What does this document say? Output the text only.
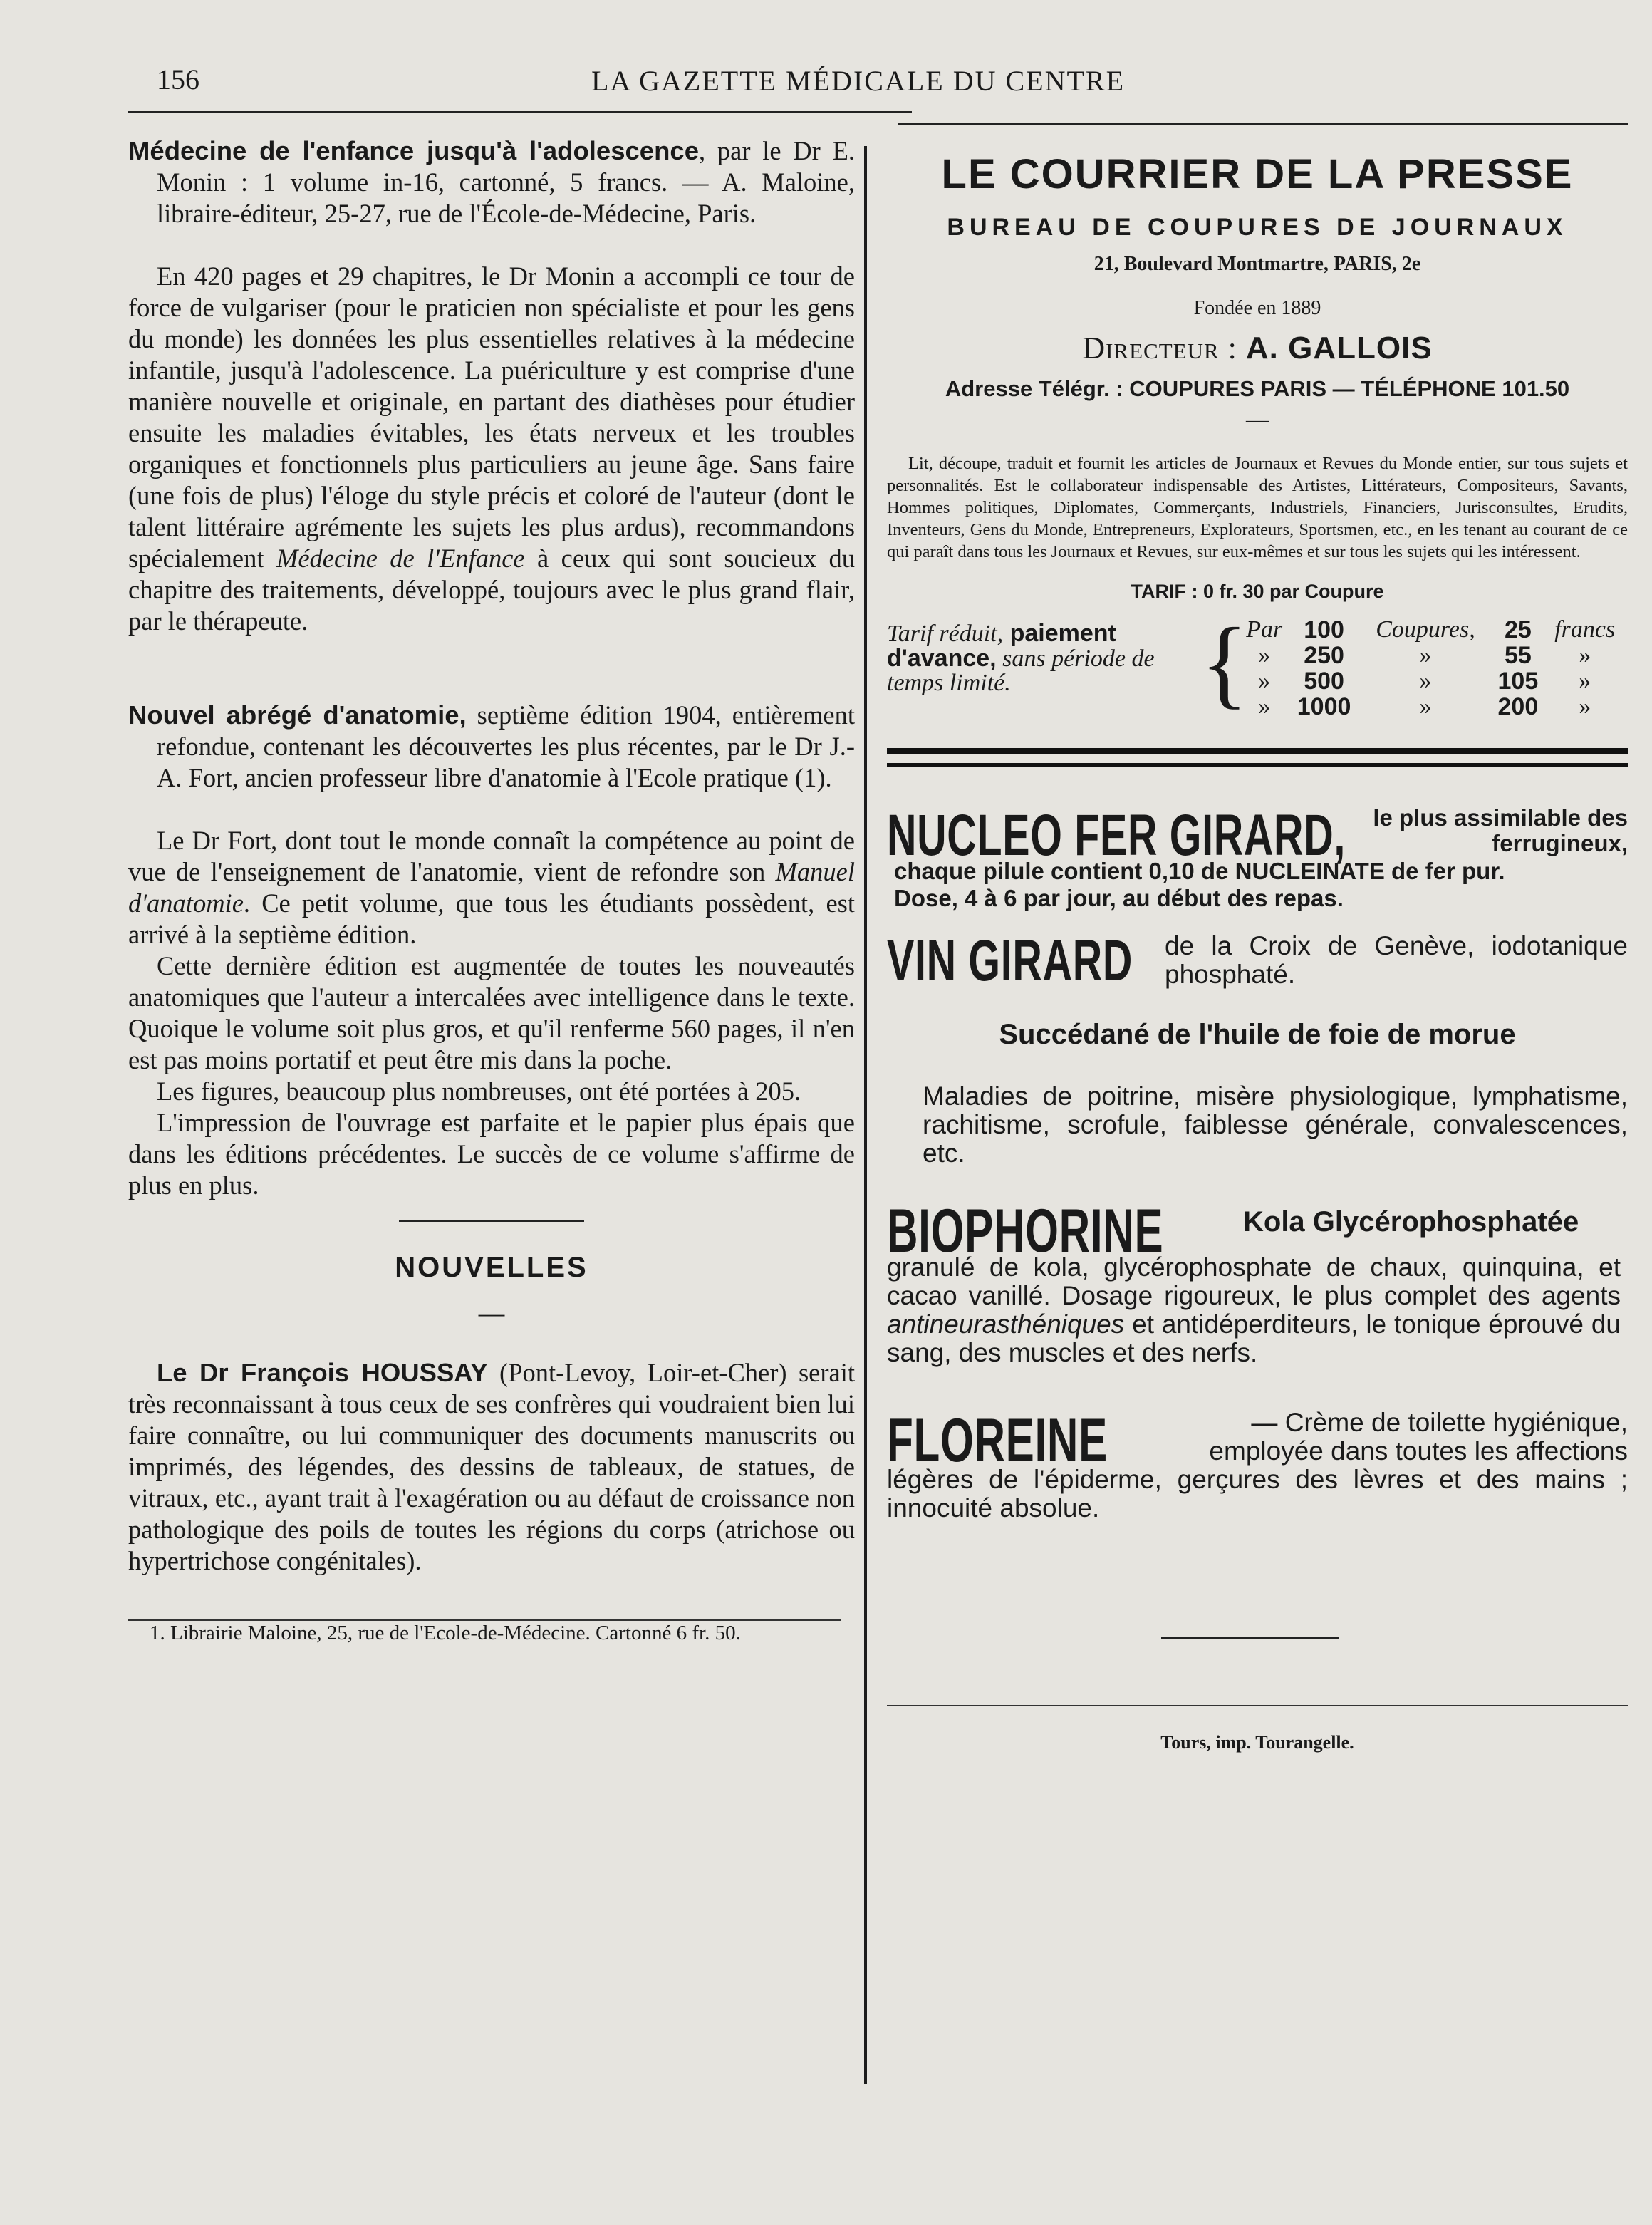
156	LA GAZETTE MÉDICALE DU CENTRE

Médecine de l'enfance jusqu'à l'adolescence, par le Dr E. Monin : 1 volume in-16, cartonné, 5 francs. — A. Maloine, libraire-éditeur, 25-27, rue de l'École-de-Médecine, Paris.

En 420 pages et 29 chapitres, le Dr Monin a accompli ce tour de force de vulgariser (pour le praticien non spécialiste et pour les gens du monde) les données les plus essentielles relatives à la médecine infantile, jusqu'à l'adolescence. La puériculture y est comprise d'une manière nouvelle et originale, en partant des diathèses pour étudier ensuite les maladies évitables, les états nerveux et les troubles organiques et fonctionnels plus particuliers au jeune âge. Sans faire (une fois de plus) l'éloge du style précis et coloré de l'auteur (dont le talent littéraire agrémente les sujets les plus ardus), recommandons spécialement Médecine de l'Enfance à ceux qui sont soucieux du chapitre des traitements, développé, toujours avec le plus grand flair, par le thérapeute.

Nouvel abrégé d'anatomie, septième édition 1904, entièrement refondue, contenant les découvertes les plus récentes, par le Dr J.-A. Fort, ancien professeur libre d'anatomie à l'Ecole pratique (1).

Le Dr Fort, dont tout le monde connaît la compétence au point de vue de l'enseignement de l'anatomie, vient de refondre son Manuel d'anatomie. Ce petit volume, que tous les étudiants possèdent, est arrivé à la septième édition.

Cette dernière édition est augmentée de toutes les nouveautés anatomiques que l'auteur a intercalées avec intelligence dans le texte. Quoique le volume soit plus gros, et qu'il renferme 560 pages, il n'en est pas moins portatif et peut être mis dans la poche.

Les figures, beaucoup plus nombreuses, ont été portées à 205.

L'impression de l'ouvrage est parfaite et le papier plus épais que dans les éditions précédentes. Le succès de ce volume s'affirme de plus en plus.

NOUVELLES
—

Le Dr François HOUSSAY (Pont-Levoy, Loir-et-Cher) serait très reconnaissant à tous ceux de ses confrères qui voudraient bien lui faire connaître, ou lui communiquer des documents manuscrits ou imprimés, des légendes, des dessins de tableaux, de statues, de vitraux, etc., ayant trait à l'exagération ou au défaut de croissance non pathologique des poils de toutes les régions du corps (atrichose ou hypertrichose congénitales).

1. Librairie Maloine, 25, rue de l'Ecole-de-Médecine. Cartonné 6 fr. 50.

LE COURRIER DE LA PRESSE
BUREAU DE COUPURES DE JOURNAUX
21, Boulevard Montmartre, PARIS, 2e
Fondée en 1889
Directeur : A. GALLOIS
Adresse Télégr. : COUPURES PARIS — TÉLÉPHONE 101.50
—

Lit, découpe, traduit et fournit les articles de Journaux et Revues du Monde entier, sur tous sujets et personnalités. Est le collaborateur indispensable des Artistes, Littérateurs, Compositeurs, Savants, Hommes politiques, Diplomates, Commerçants, Industriels, Financiers, Jurisconsultes, Erudits, Inventeurs, Gens du Monde, Entrepreneurs, Explorateurs, Sportsmen, etc., en les tenant au courant de ce qui paraît dans tous les Journaux et Revues, sur eux-mêmes et sur tous les sujets qui les intéressent.

TARIF : 0 fr. 30 par Coupure
Tarif réduit, paiement
d'avance, sans période de temps limité.	{
Par	100	Coupures,	25	francs
»	250	»	55	»
»	500	»	105	»
»	1000	»	200	»
NUCLEO FER GIRARD, le plus assimilable des ferrugineux,
chaque pilule contient 0,10 de NUCLEINATE de fer pur.
Dose, 4 à 6 par jour, au début des repas.
VIN GIRARD de la Croix de Genève, iodotanique phosphaté.
Succédané de l'huile de foie de morue
Maladies de poitrine, misère physiologique, lymphatisme, rachitisme, scrofule, faiblesse générale, convalescences, etc.
BIOPHORINE	Kola Glycérophosphatée
granulé de kola, glycérophosphate de chaux, quinquina, et cacao vanillé. Dosage rigoureux, le plus complet des agents antineurasthéniques et antidéperditeurs, le tonique éprouvé du sang, des muscles et des nerfs.
FLOREINE	— Crème de toilette hygiénique, employée dans toutes les affections
légères de l'épiderme, gerçures des lèvres et des mains ; innocuité absolue.
Tours, imp. Tourangelle.
